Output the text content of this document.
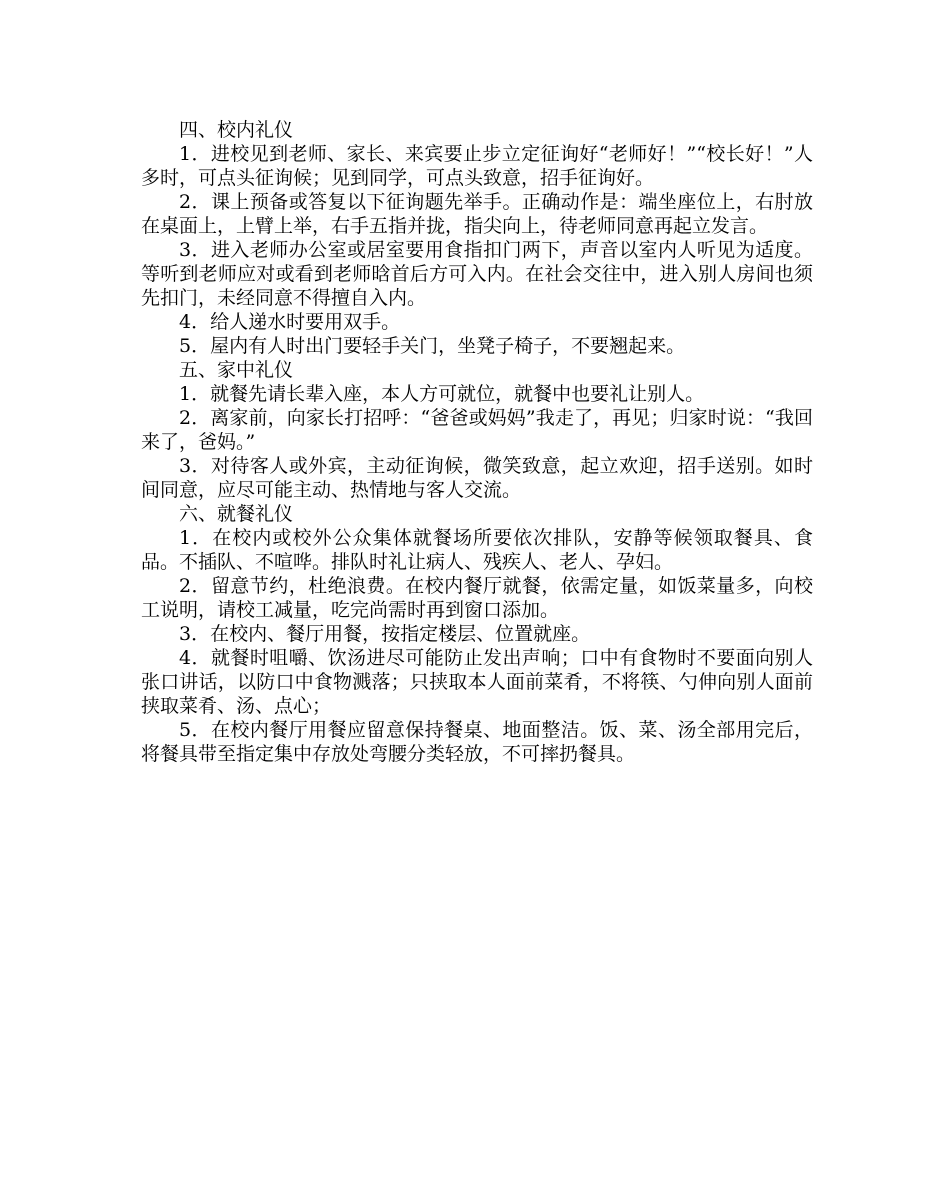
四、校内礼仪

1．进校见到老师、家长、来宾要止步立定征询好“老师好！”“校长好！”人多时，可点头征询候；见到同学，可点头致意，招手征询好。

2．课上预备或答复以下征询题先举手。正确动作是：端坐座位上，右肘放在桌面上，上臂上举，右手五指并拢，指尖向上，待老师同意再起立发言。

3．进入老师办公室或居室要用食指扣门两下，声音以室内人听见为适度。等听到老师应对或看到老师晗首后方可入内。在社会交往中，进入别人房间也须先扣门，未经同意不得擅自入内。

4．给人递水时要用双手。

5．屋内有人时出门要轻手关门，坐凳子椅子，不要翘起来。

五、家中礼仪

1．就餐先请长辈入座，本人方可就位，就餐中也要礼让别人。

2．离家前，向家长打招呼：“爸爸或妈妈”我走了，再见；归家时说：“我回来了，爸妈。”

3．对待客人或外宾，主动征询候，微笑致意，起立欢迎，招手送别。如时间同意，应尽可能主动、热情地与客人交流。

六、就餐礼仪

1．在校内或校外公众集体就餐场所要依次排队，安静等候领取餐具、食品。不插队、不喧哗。排队时礼让病人、残疾人、老人、孕妇。

2．留意节约，杜绝浪费。在校内餐厅就餐，依需定量，如饭菜量多，向校工说明，请校工减量，吃完尚需时再到窗口添加。

3．在校内、餐厅用餐，按指定楼层、位置就座。

4．就餐时咀嚼、饮汤进尽可能防止发出声响；口中有食物时不要面向别人张口讲话，以防口中食物溅落；只挟取本人面前菜肴，不将筷、勺伸向别人面前挟取菜肴、汤、点心；

5．在校内餐厅用餐应留意保持餐桌、地面整洁。饭、菜、汤全部用完后，将餐具带至指定集中存放处弯腰分类轻放，不可摔扔餐具。
